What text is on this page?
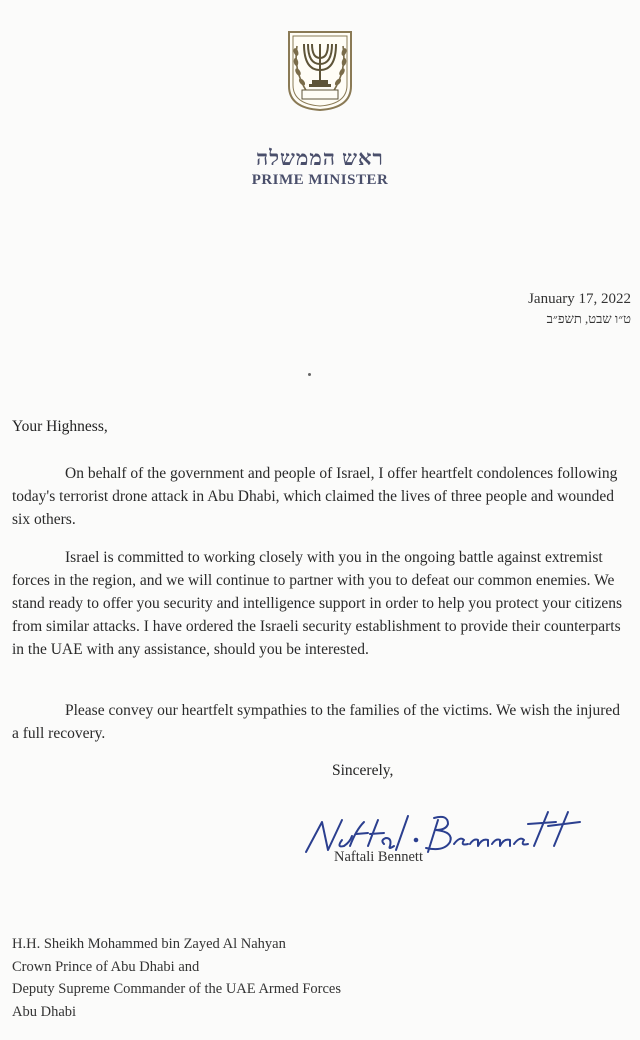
ראש הממשלה
PRIME MINISTER
January 17, 2022
ט״ו שבט, תשפ״ב
Your Highness,

On behalf of the government and people of Israel, I offer heartfelt condolences following today's terrorist drone attack in Abu Dhabi, which claimed the lives of three people and wounded six others.

Israel is committed to working closely with you in the ongoing battle against extremist forces in the region, and we will continue to partner with you to defeat our common enemies. We stand ready to offer you security and intelligence support in order to help you protect your citizens from similar attacks. I have ordered the Israeli security establishment to provide their counterparts in the UAE with any assistance, should you be interested.

Please convey our heartfelt sympathies to the families of the victims. We wish the injured a full recovery.

Sincerely,
Naftali Bennett
H.H. Sheikh Mohammed bin Zayed Al Nahyan
Crown Prince of Abu Dhabi and
Deputy Supreme Commander of the UAE Armed Forces
Abu Dhabi
